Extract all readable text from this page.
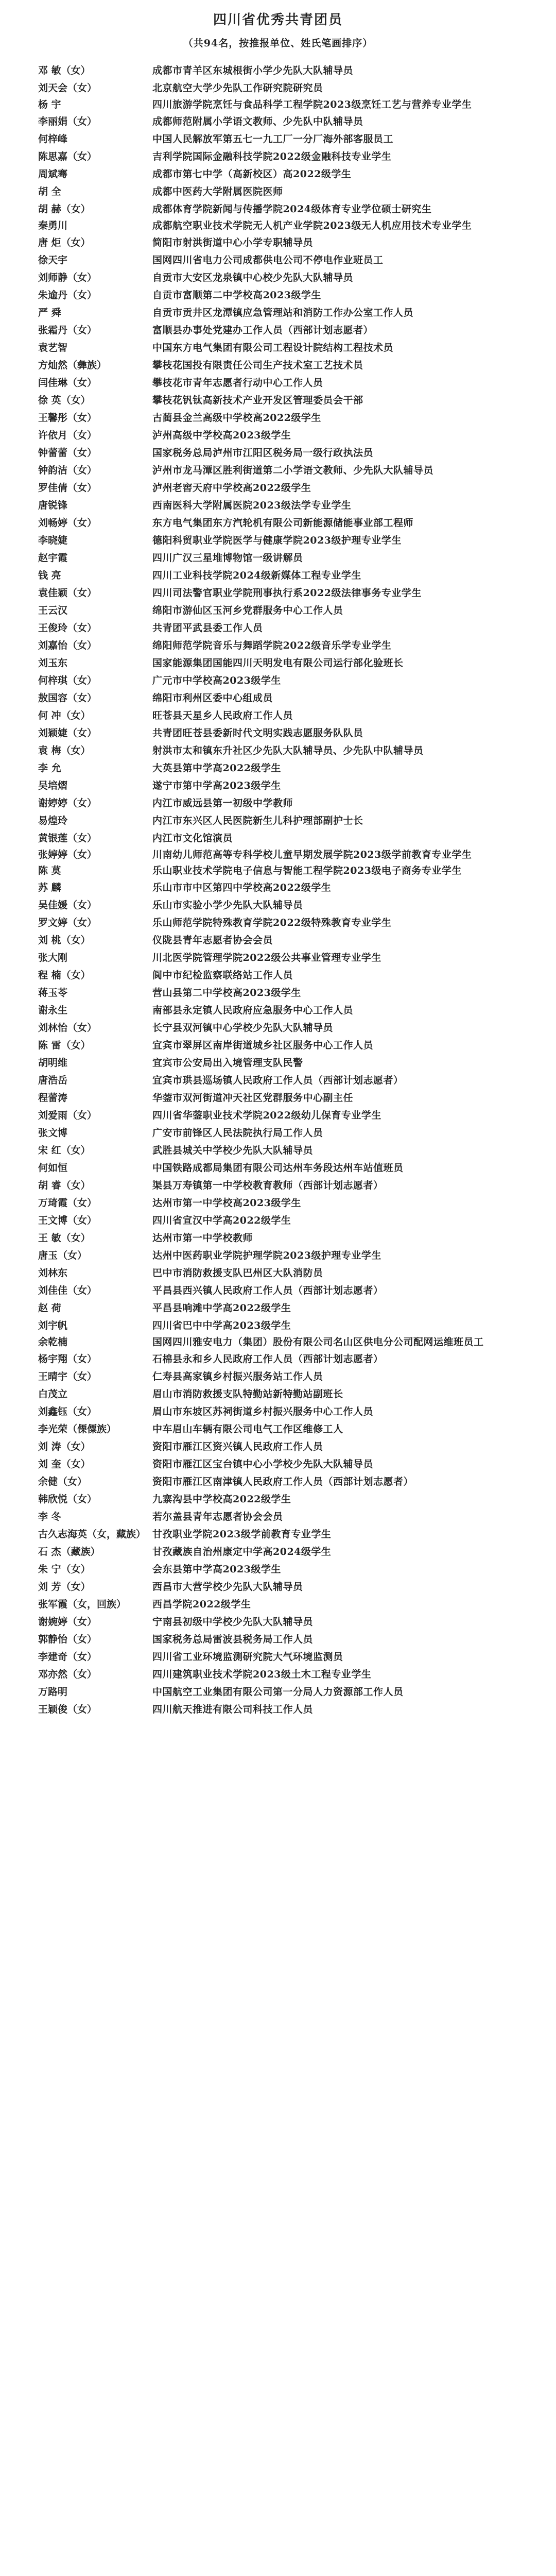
四川省优秀共青团员
（共94名，按推报单位、姓氏笔画排序）
邓 敏（女）	成都市青羊区东城根街小学少先队大队辅导员
刘天会（女）	北京航空大学少先队工作研究院研究员
杨 宇	四川旅游学院烹饪与食品科学工程学院2023级烹饪工艺与营养专业学生
李丽娟（女）	成都师范附属小学语文教师、少先队中队辅导员
何梓峰	中国人民解放军第五七一九工厂一分厂海外部客服员工
陈思嘉（女）	吉利学院国际金融科技学院2022级金融科技专业学生
周斌骞	成都市第七中学（高新校区）高2022级学生
胡 全	成都中医药大学附属医院医师
胡 赫（女）	成都体育学院新闻与传播学院2024级体育专业学位硕士研究生
秦勇川	成都航空职业技术学院无人机产业学院2023级无人机应用技术专业学生
唐 炬（女）	简阳市射洪街道中心小学专职辅导员
徐天宇	国网四川省电力公司成都供电公司不停电作业班员工
刘师静（女）	自贡市大安区龙泉镇中心校少先队大队辅导员
朱逾丹（女）	自贡市富顺第二中学校高2023级学生
严 舜	自贡市贡井区龙潭镇应急管理站和消防工作办公室工作人员
张霜丹（女）	富顺县办事处党建办工作人员（西部计划志愿者）
袁艺智	中国东方电气集团有限公司工程设计院结构工程技术员
方灿然（彝族）	攀枝花国投有限责任公司生产技术室工艺技术员
闫佳琳（女）	攀枝花市青年志愿者行动中心工作人员
徐 英（女）	攀枝花钒钛高新技术产业开发区管理委员会干部
王馨彤（女）	古蔺县金兰高级中学校高2022级学生
许依月（女）	泸州高级中学校高2023级学生
钟蕾蕾（女）	国家税务总局泸州市江阳区税务局一级行政执法员
钟韵洁（女）	泸州市龙马潭区胜利街道第二小学语文教师、少先队大队辅导员
罗佳倩（女）	泸州老窖天府中学校高2022级学生
唐锐锋	西南医科大学附属医院2023级法学专业学生
刘畅婷（女）	东方电气集团东方汽轮机有限公司新能源储能事业部工程师
李晓婕	德阳科贸职业学院医学与健康学院2023级护理专业学生
赵宇霞	四川广汉三星堆博物馆一级讲解员
钱 亮	四川工业科技学院2024级新媒体工程专业学生
袁佳颖（女）	四川司法警官职业学院刑事执行系2022级法律事务专业学生
王云汉	绵阳市游仙区玉河乡党群服务中心工作人员
王俊玲（女）	共青团平武县委工作人员
刘嘉怡（女）	绵阳师范学院音乐与舞蹈学院2022级音乐学专业学生
刘玉东	国家能源集团国能四川天明发电有限公司运行部化验班长
何梓琪（女）	广元市中学校高2023级学生
敖国容（女）	绵阳市利州区委中心组成员
何 冲（女）	旺苍县天星乡人民政府工作人员
刘颖婕（女）	共青团旺苍县委新时代文明实践志愿服务队队员
袁 梅（女）	射洪市太和镇东升社区少先队大队辅导员、少先队中队辅导员
李 允	大英县第中学高2022级学生
吴培熠	遂宁市第中学高2023级学生
谢婷婷（女）	内江市威远县第一初级中学教师
易煌玲	内江市东兴区人民医院新生儿科护理部副护士长
黄银莲（女）	内江市文化馆演员
张婷婷（女）	川南幼儿师范高等专科学校儿童早期发展学院2023级学前教育专业学生
陈 莫	乐山职业技术学院电子信息与智能工程学院2023级电子商务专业学生
苏 麟	乐山市市中区第四中学校高2022级学生
吴佳媛（女）	乐山市实验小学少先队大队辅导员
罗文婷（女）	乐山师范学院特殊教育学院2022级特殊教育专业学生
刘 桃（女）	仪陇县青年志愿者协会会员
张大刚	川北医学院管理学院2022级公共事业管理专业学生
程 楠（女）	阆中市纪检监察联络站工作人员
蒋玉苓	营山县第二中学校高2023级学生
谢永生	南部县永定镇人民政府应急服务中心工作人员
刘林怡（女）	长宁县双河镇中心学校少先队大队辅导员
陈 雷（女）	宜宾市翠屏区南岸街道城乡社区服务中心工作人员
胡明维	宜宾市公安局出入境管理支队民警
唐浩岳	宜宾市珙县巡场镇人民政府工作人员（西部计划志愿者）
程蕾涛	华蓥市双河街道冲天社区党群服务中心副主任
刘爱雨（女）	四川省华蓥职业技术学院2022级幼儿保育专业学生
张文博	广安市前锋区人民法院执行局工作人员
宋 红（女）	武胜县城关中学校少先队大队辅导员
何如恒	中国铁路成都局集团有限公司达州车务段达州车站值班员
胡 睿（女）	渠县万寿镇第一中学校教育教师（西部计划志愿者）
万琦霞（女）	达州市第一中学校高2023级学生
王文博（女）	四川省宣汉中学高2022级学生
王 敏（女）	达州市第一中学校教师
唐玉（女）	达州中医药职业学院护理学院2023级护理专业学生
刘林东	巴中市消防救援支队巴州区大队消防员
刘佳佳（女）	平昌县西兴镇人民政府工作人员（西部计划志愿者）
赵 荷	平昌县响滩中学高2022级学生
刘宇帆	四川省巴中中学高2023级学生
余乾楠	国网四川雅安电力（集团）股份有限公司名山区供电分公司配网运维班员工
杨宇翔（女）	石棉县永和乡人民政府工作人员（西部计划志愿者）
王晴宇（女）	仁寿县高家镇乡村振兴服务站工作人员
白茂立	眉山市消防救援支队特勤站新特勤站副班长
刘鑫钰（女）	眉山市东坡区苏祠街道乡村振兴服务中心工作人员
李光荣（傈僳族）	中车眉山车辆有限公司电气工作区维修工人
刘 涛（女）	资阳市雁江区资兴镇人民政府工作人员
刘 奎（女）	资阳市雁江区宝台镇中心小学校少先队大队辅导员
余健（女）	资阳市雁江区南津镇人民政府工作人员（西部计划志愿者）
韩欣悦（女）	九寨沟县中学校高2022级学生
李 冬	若尔盖县青年志愿者协会会员
古久志海英（女，藏族） 甘孜职业学院2023级学前教育专业学生
石 杰（藏族）	甘孜藏族自治州康定中学高2024级学生
朱 宁（女）	会东县第中学高2023级学生
刘 芳（女）	西昌市大营学校少先队大队辅导员
张军霞（女，回族）	西昌学院2022级学生
谢婉婷（女）	宁南县初级中学校少先队大队辅导员
郭静怡（女）	国家税务总局雷波县税务局工作人员
李建奇（女）	四川省工业环境监测研究院大气环境监测员
邓亦然（女）	四川建筑职业技术学院2023级土木工程专业学生
万路明	中国航空工业集团有限公司第一分局人力资源部工作人员
王颖俊（女）	四川航天推进有限公司科技工作人员
